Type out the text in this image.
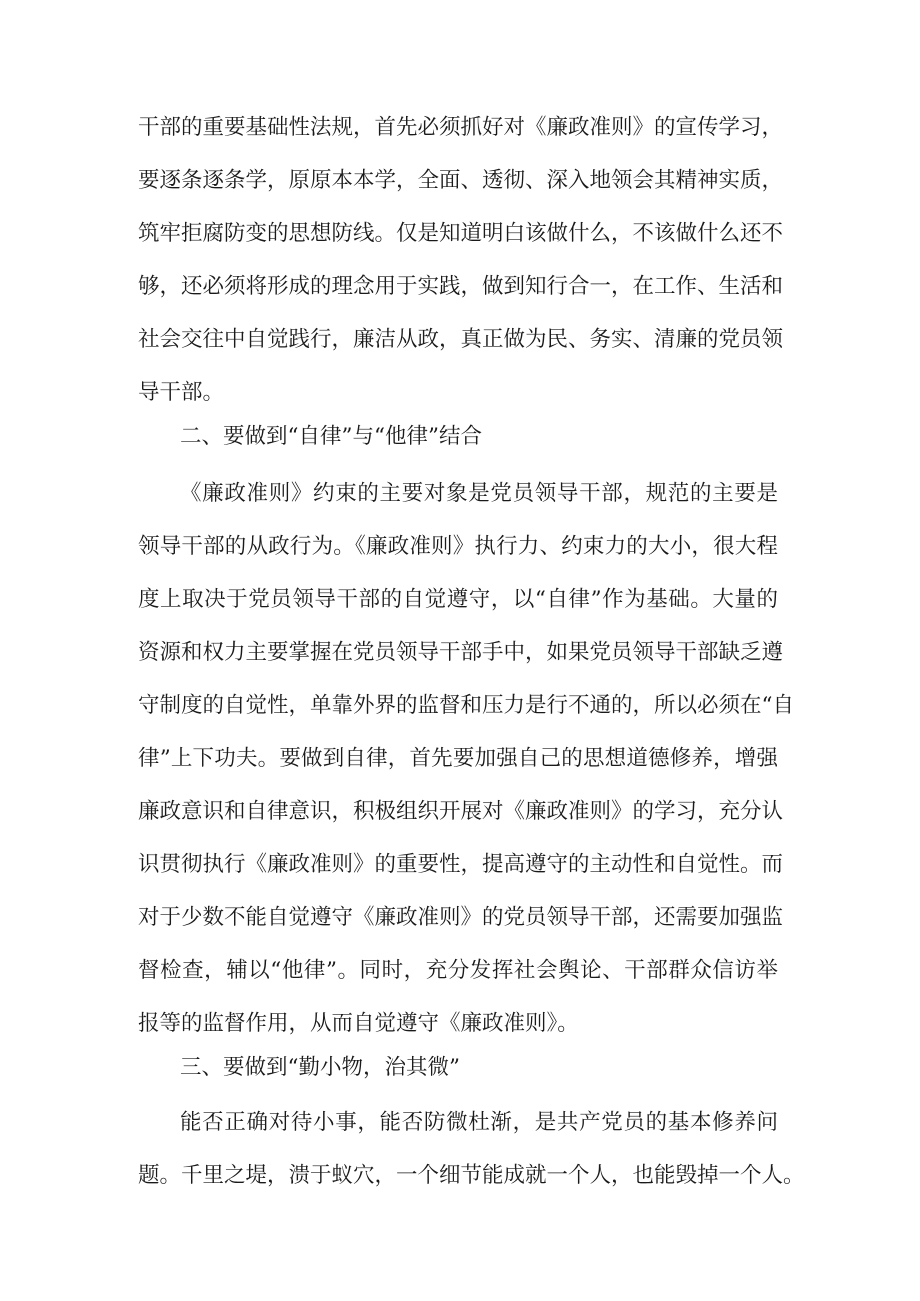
干部的重要基础性法规，首先必须抓好对《廉政准则》的宣传学习，
要逐条逐条学，原原本本学，全面、透彻、深入地领会其精神实质，
筑牢拒腐防变的思想防线。仅是知道明白该做什么，不该做什么还不
够，还必须将形成的理念用于实践，做到知行合一，在工作、生活和
社会交往中自觉践行，廉洁从政，真正做为民、务实、清廉的党员领
导干部。
二、要做到“自律”与“他律”结合
《廉政准则》约束的主要对象是党员领导干部，规范的主要是
领导干部的从政行为。《廉政准则》执行力、约束力的大小，很大程
度上取决于党员领导干部的自觉遵守，以“自律”作为基础。大量的
资源和权力主要掌握在党员领导干部手中，如果党员领导干部缺乏遵
守制度的自觉性，单靠外界的监督和压力是行不通的，所以必须在“自
律”上下功夫。要做到自律，首先要加强自己的思想道德修养，增强
廉政意识和自律意识，积极组织开展对《廉政准则》的学习，充分认
识贯彻执行《廉政准则》的重要性，提高遵守的主动性和自觉性。而
对于少数不能自觉遵守《廉政准则》的党员领导干部，还需要加强监
督检查，辅以“他律”。同时，充分发挥社会舆论、干部群众信访举
报等的监督作用，从而自觉遵守《廉政准则》。
三、要做到“勤小物，治其微”
能否正确对待小事，能否防微杜渐，是共产党员的基本修养问
题。千里之堤，溃于蚁穴，一个细节能成就一个人，也能毁掉一个人。
